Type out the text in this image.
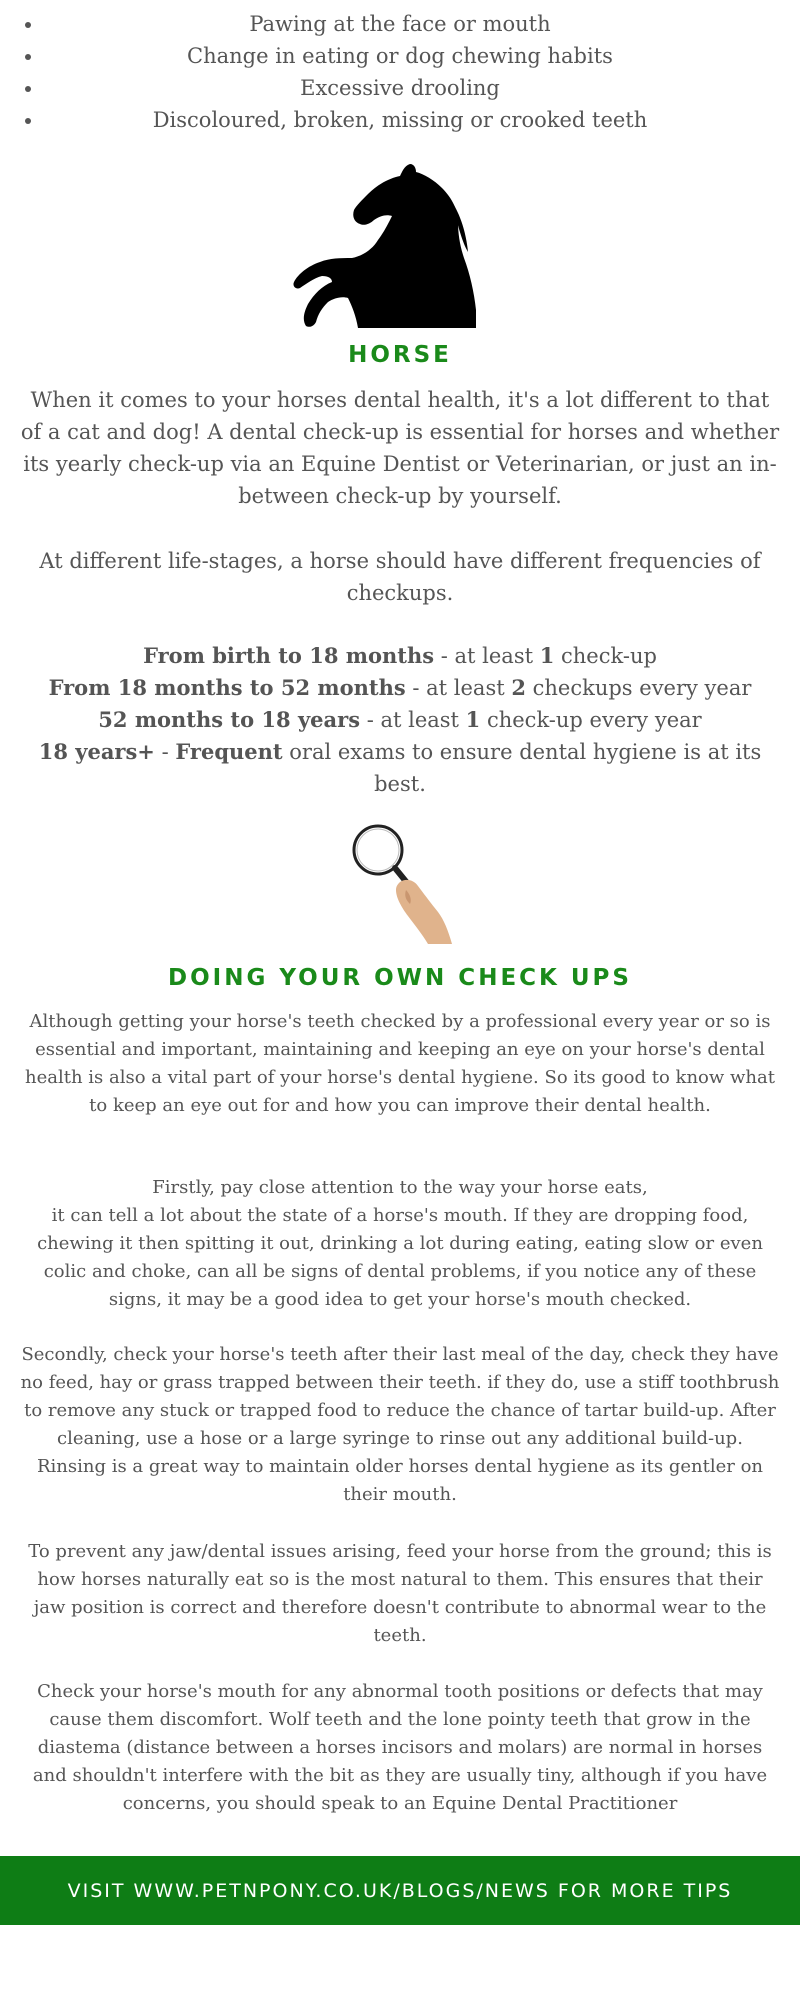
• Pawing at the face or mouth
• Change in eating or dog chewing habits
• Excessive drooling
• Discoloured, broken, missing or crooked teeth
HORSE

When it comes to your horses dental health, it's a lot different to that of a cat and dog! A dental check-up is essential for horses and whether its yearly check-up via an Equine Dentist or Veterinarian, or just an in-between check-up by yourself.

At different life-stages, a horse should have different frequencies of checkups.

From birth to 18 months - at least 1 check-up
From 18 months to 52 months - at least 2 checkups every year
52 months to 18 years - at least 1 check-up every year
18 years+ - Frequent oral exams to ensure dental hygiene is at its best.
DOING YOUR OWN CHECK UPS

Although getting your horse's teeth checked by a professional every year or so is essential and important, maintaining and keeping an eye on your horse's dental health is also a vital part of your horse's dental hygiene. So its good to know what to keep an eye out for and how you can improve their dental health.

Firstly, pay close attention to the way your horse eats,
it can tell a lot about the state of a horse's mouth. If they are dropping food, chewing it then spitting it out, drinking a lot during eating, eating slow or even colic and choke, can all be signs of dental problems, if you notice any of these signs, it may be a good idea to get your horse's mouth checked.

Secondly, check your horse's teeth after their last meal of the day, check they have no feed, hay or grass trapped between their teeth. if they do, use a stiff toothbrush to remove any stuck or trapped food to reduce the chance of tartar build-up. After cleaning, use a hose or a large syringe to rinse out any additional build-up. Rinsing is a great way to maintain older horses dental hygiene as its gentler on their mouth.

To prevent any jaw/dental issues arising, feed your horse from the ground; this is how horses naturally eat so is the most natural to them. This ensures that their jaw position is correct and therefore doesn't contribute to abnormal wear to the teeth.

Check your horse's mouth for any abnormal tooth positions or defects that may cause them discomfort. Wolf teeth and the lone pointy teeth that grow in the diastema (distance between a horses incisors and molars) are normal in horses and shouldn't interfere with the bit as they are usually tiny, although if you have concerns, you should speak to an Equine Dental Practitioner

VISIT WWW.PETNPONY.CO.UK/BLOGS/NEWS FOR MORE TIPS
